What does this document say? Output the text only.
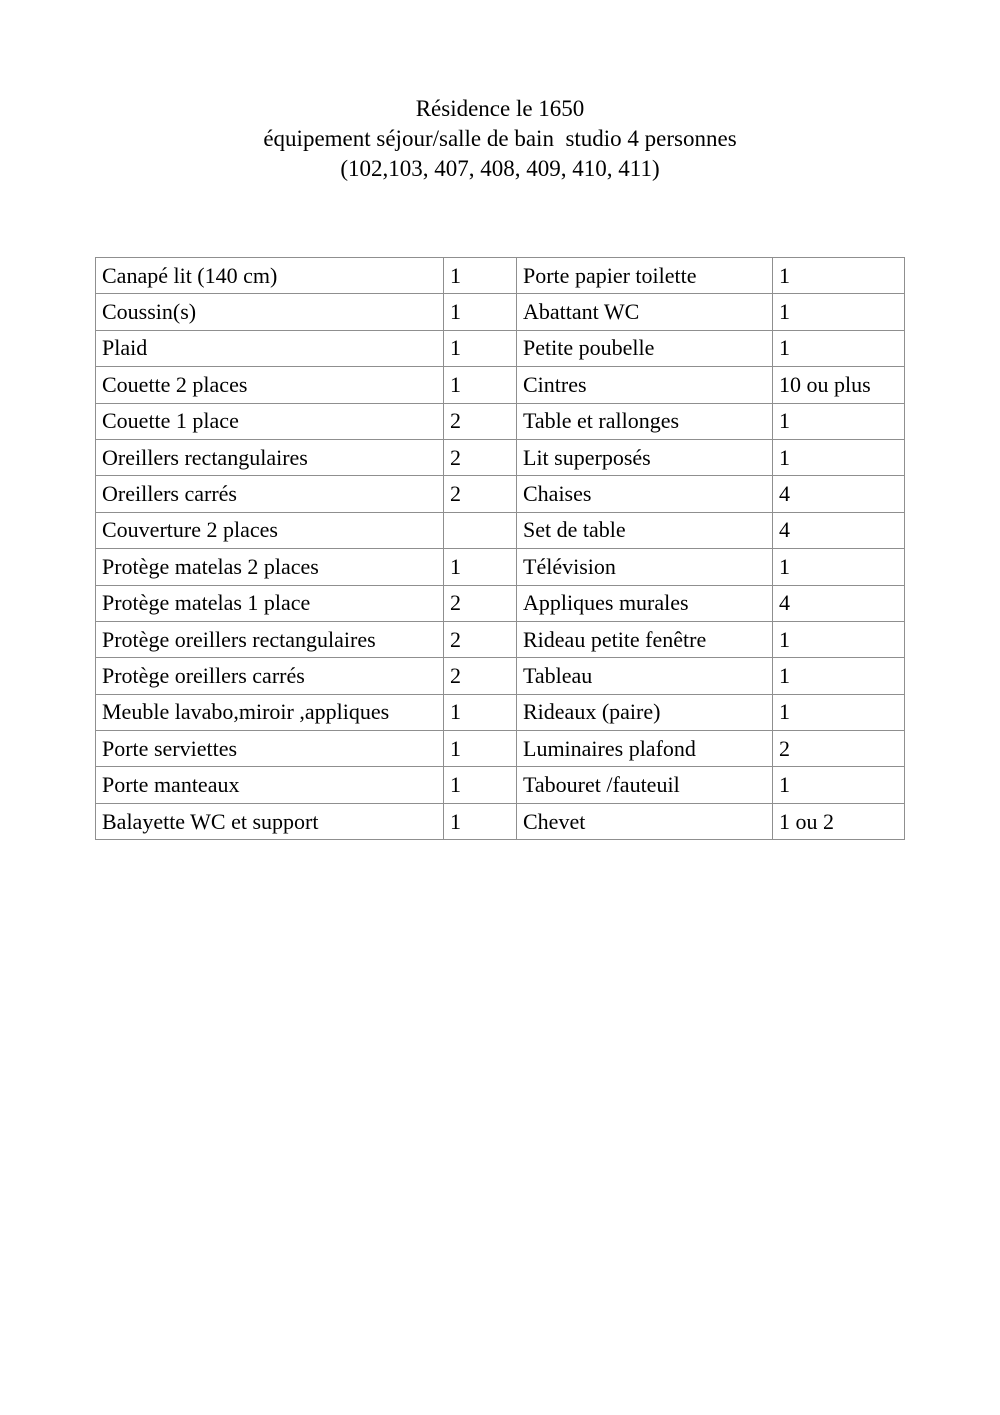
Résidence le 1650
équipement séjour/salle de bain  studio 4 personnes
(102,103, 407, 408, 409, 410, 411)
Canapé lit (140 cm)	1	Porte papier toilette	1
Coussin(s)	1	Abattant WC	1
Plaid	1	Petite poubelle	1
Couette 2 places	1	Cintres	10 ou plus
Couette 1 place	2	Table et rallonges	1
Oreillers rectangulaires	2	Lit superposés	1
Oreillers carrés	2	Chaises	4
Couverture 2 places		Set de table	4
Protège matelas 2 places	1	Télévision	1
Protège matelas 1 place	2	Appliques murales	4
Protège oreillers rectangulaires	2	Rideau petite fenêtre	1
Protège oreillers carrés	2	Tableau	1
Meuble lavabo,miroir ,appliques	1	Rideaux (paire)	1
Porte serviettes	1	Luminaires plafond	2
Porte manteaux	1	Tabouret /fauteuil	1
Balayette WC et support	1	Chevet	1 ou 2
